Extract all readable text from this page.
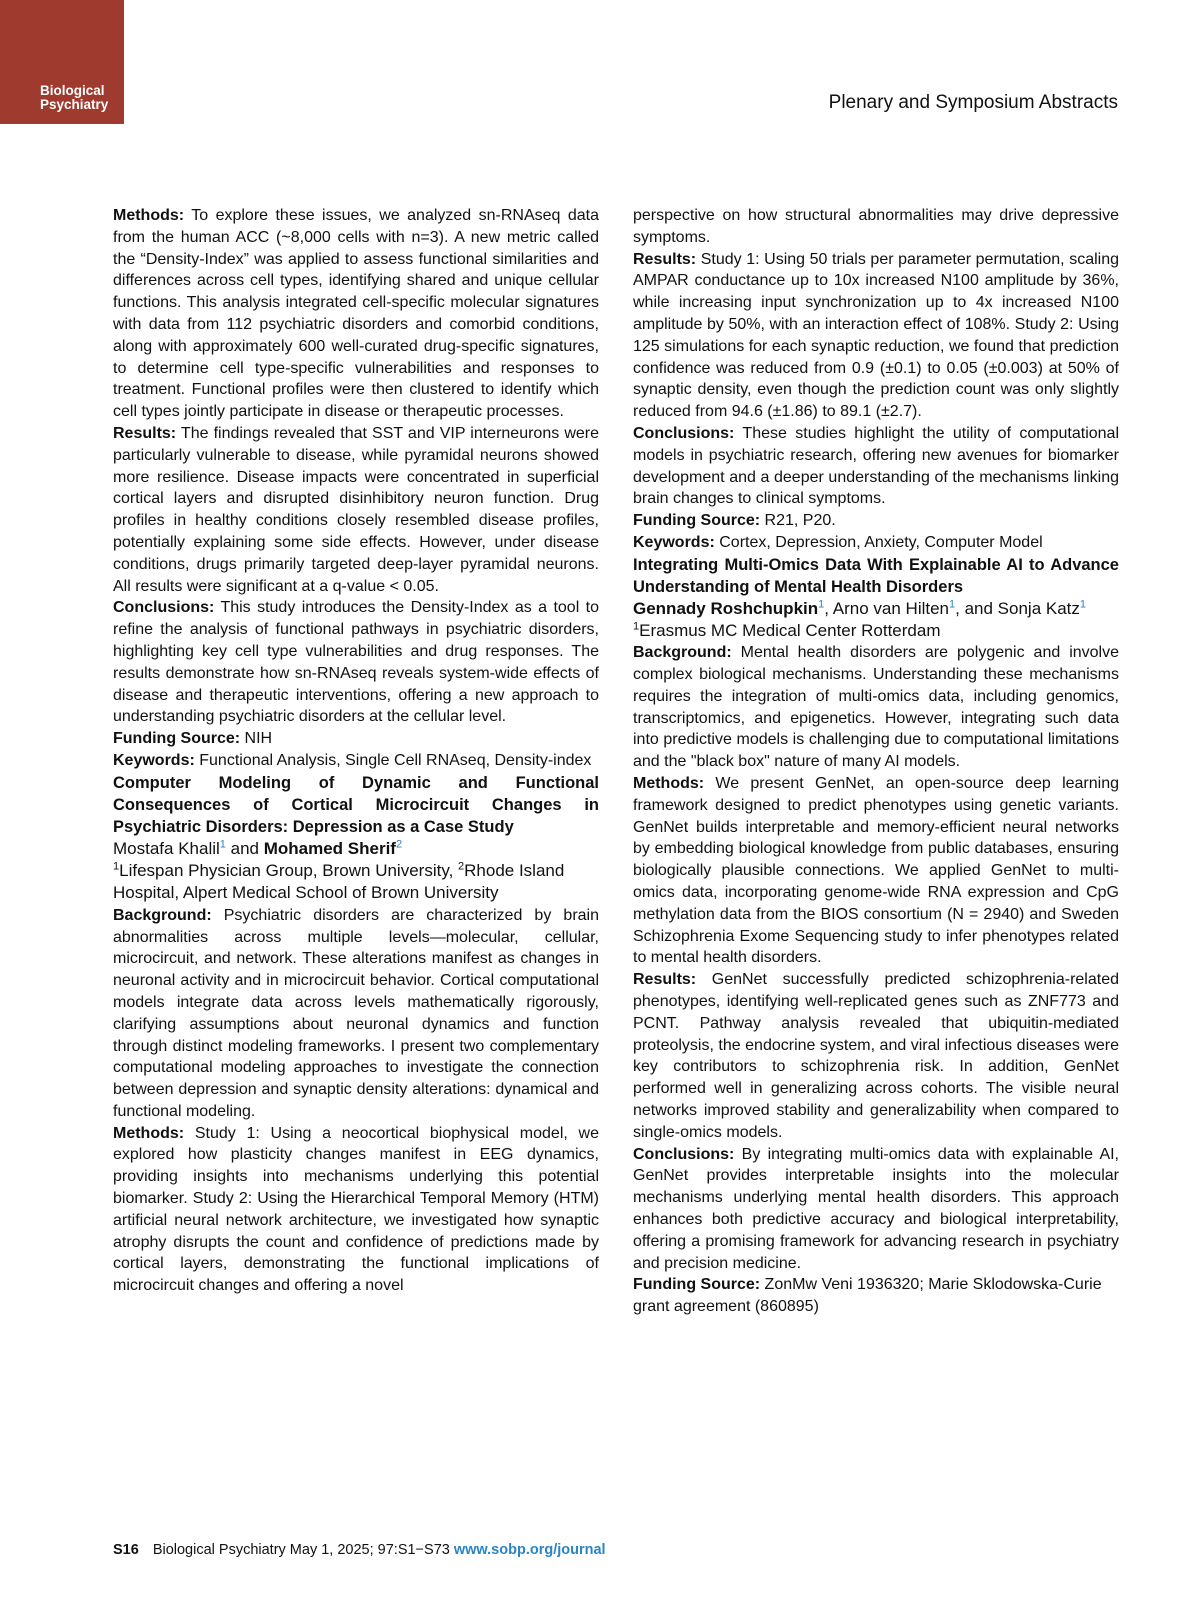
Biological
Psychiatry	Plenary and Symposium Abstracts

Methods: To explore these issues, we analyzed sn-RNAseq data from the human ACC (~8,000 cells with n=3). A new metric called the “Density-Index” was applied to assess functional similarities and differences across cell types, identifying shared and unique cellular functions. This analysis integrated cell-specific molecular signatures with data from 112 psychiatric disorders and comorbid conditions, along with approximately 600 well-curated drug-specific signatures, to determine cell type-specific vulnerabilities and responses to treatment. Functional profiles were then clustered to identify which cell types jointly participate in disease or therapeutic processes.

Results: The findings revealed that SST and VIP interneurons were particularly vulnerable to disease, while pyramidal neurons showed more resilience. Disease impacts were concentrated in superficial cortical layers and disrupted disinhibitory neuron function. Drug profiles in healthy conditions closely resembled disease profiles, potentially explaining some side effects. However, under disease conditions, drugs primarily targeted deep-layer pyramidal neurons. All results were significant at a q-value < 0.05.

Conclusions: This study introduces the Density-Index as a tool to refine the analysis of functional pathways in psychiatric disorders, highlighting key cell type vulnerabilities and drug responses. The results demonstrate how sn-RNAseq reveals system-wide effects of disease and therapeutic interventions, offering a new approach to understanding psychiatric disorders at the cellular level.

Funding Source: NIH

Keywords: Functional Analysis, Single Cell RNAseq, Density-index

Computer Modeling of Dynamic and Functional Consequences of Cortical Microcircuit Changes in Psychiatric Disorders: Depression as a Case Study

Mostafa Khalil$^1$ and Mohamed Sherif$^2$

$^1$Lifespan Physician Group, Brown University, $^2$Rhode Island Hospital, Alpert Medical School of Brown University

Background: Psychiatric disorders are characterized by brain abnormalities across multiple levels—molecular, cellular, microcircuit, and network. These alterations manifest as changes in neuronal activity and in microcircuit behavior. Cortical computational models integrate data across levels mathematically rigorously, clarifying assumptions about neuronal dynamics and function through distinct modeling frameworks. I present two complementary computational modeling approaches to investigate the connection between depression and synaptic density alterations: dynamical and functional modeling.

Methods: Study 1: Using a neocortical biophysical model, we explored how plasticity changes manifest in EEG dynamics, providing insights into mechanisms underlying this potential biomarker. Study 2: Using the Hierarchical Temporal Memory (HTM) artificial neural network architecture, we investigated how synaptic atrophy disrupts the count and confidence of predictions made by cortical layers, demonstrating the functional implications of microcircuit changes and offering a novel

perspective on how structural abnormalities may drive depressive symptoms.

Results: Study 1: Using 50 trials per parameter permutation, scaling AMPAR conductance up to 10x increased N100 amplitude by 36%, while increasing input synchronization up to 4x increased N100 amplitude by 50%, with an interaction effect of 108%. Study 2: Using 125 simulations for each synaptic reduction, we found that prediction confidence was reduced from 0.9 (±0.1) to 0.05 (±0.003) at 50% of synaptic density, even though the prediction count was only slightly reduced from 94.6 (±1.86) to 89.1 (±2.7).

Conclusions: These studies highlight the utility of computational models in psychiatric research, offering new avenues for biomarker development and a deeper understanding of the mechanisms linking brain changes to clinical symptoms.

Funding Source: R21, P20.

Keywords: Cortex, Depression, Anxiety, Computer Model

Integrating Multi-Omics Data With Explainable AI to Advance Understanding of Mental Health Disorders

Gennady Roshchupkin$^1$, Arno van Hilten$^1$, and Sonja Katz$^1$

$^1$Erasmus MC Medical Center Rotterdam

Background: Mental health disorders are polygenic and involve complex biological mechanisms. Understanding these mechanisms requires the integration of multi-omics data, including genomics, transcriptomics, and epigenetics. However, integrating such data into predictive models is challenging due to computational limitations and the "black box" nature of many AI models.

Methods: We present GenNet, an open-source deep learning framework designed to predict phenotypes using genetic variants. GenNet builds interpretable and memory-efficient neural networks by embedding biological knowledge from public databases, ensuring biologically plausible connections. We applied GenNet to multi-omics data, incorporating genome-wide RNA expression and CpG methylation data from the BIOS consortium (N = 2940) and Sweden Schizophrenia Exome Sequencing study to infer phenotypes related to mental health disorders.

Results: GenNet successfully predicted schizophrenia-related phenotypes, identifying well-replicated genes such as ZNF773 and PCNT. Pathway analysis revealed that ubiquitin-mediated proteolysis, the endocrine system, and viral infectious diseases were key contributors to schizophrenia risk. In addition, GenNet performed well in generalizing across cohorts. The visible neural networks improved stability and generalizability when compared to single-omics models.

Conclusions: By integrating multi-omics data with explainable AI, GenNet provides interpretable insights into the molecular mechanisms underlying mental health disorders. This approach enhances both predictive accuracy and biological interpretability, offering a promising framework for advancing research in psychiatry and precision medicine.

Funding Source: ZonMw Veni 1936320; Marie Sklodowska-Curie grant agreement (860895)

S16 Biological Psychiatry May 1, 2025; 97:S1−S73 www.sobp.org/journal
